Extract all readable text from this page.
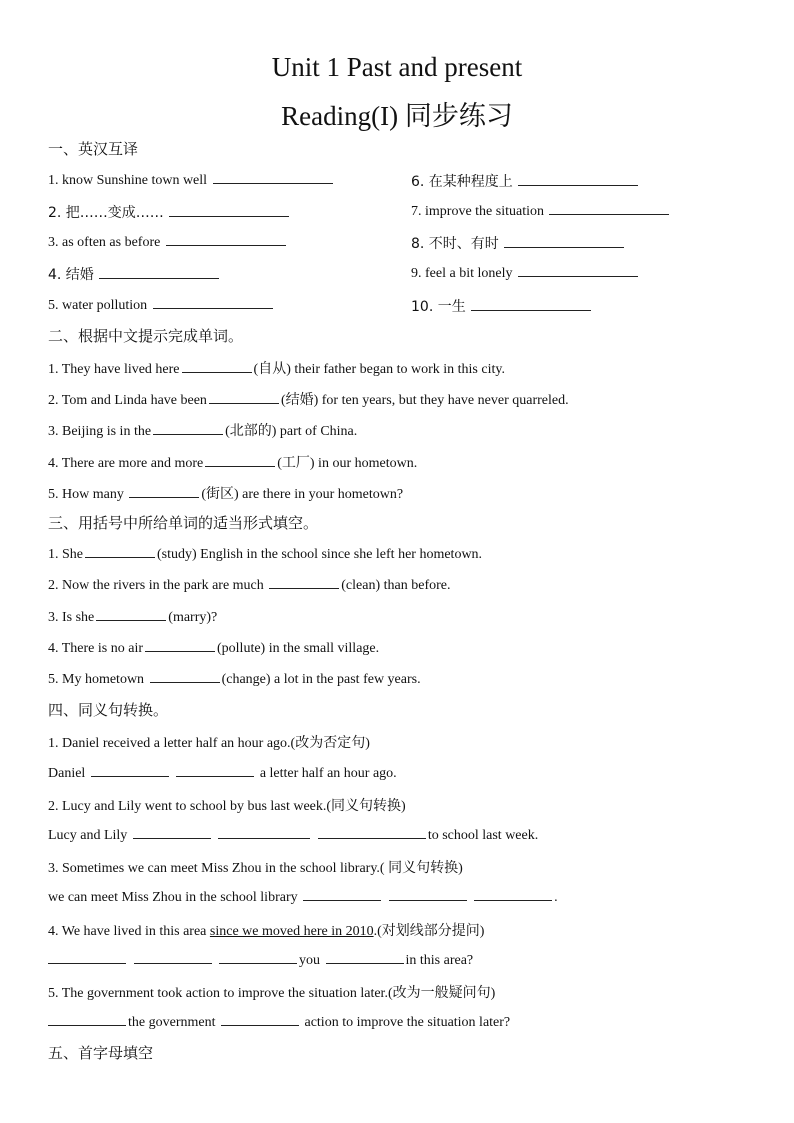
Unit 1 Past and present
Reading(I) 同步练习
一、英汉互译
1. know Sunshine town well
2. 把……变成……
3. as often as before
4. 结婚
5. water pollution
6. 在某种程度上
7. improve the situation
8. 不时、有时
9. feel a bit lonely
10. 一生
二、根据中文提示完成单词。
1. They have lived here	(自从) their father began to work in this city.
2. Tom and Linda have been	(结婚) for ten years, but they have never quarreled.
3. Beijing is in the	(北部的) part of China.
4. There are more and more	(工厂) in our hometown.
5. How many	(街区) are there in your hometown?
三、用括号中所给单词的适当形式填空。
1. She	(study) English in the school since she left her hometown.
2. Now the rivers in the park are much	(clean) than before.
3. Is she	(marry)?
4. There is no air	(pollute) in the small village.
5. My hometown	(change) a lot in the past few years.
四、同义句转换。
1. Daniel received a letter half an hour ago.(改为否定句)
Daniel	a letter half an hour ago.
2. Lucy and Lily went to school by bus last week.(同义句转换)
Lucy and Lily	to school last week.
3. Sometimes we can meet Miss Zhou in the school library.( 同义句转换)
we can meet Miss Zhou in the school library	.
4. We have lived in this area since we moved here in 2010.(对划线部分提问)
you	in this area?
5. The government took action to improve the situation later.(改为一般疑问句)
the government	action to improve the situation later?
五、首字母填空
